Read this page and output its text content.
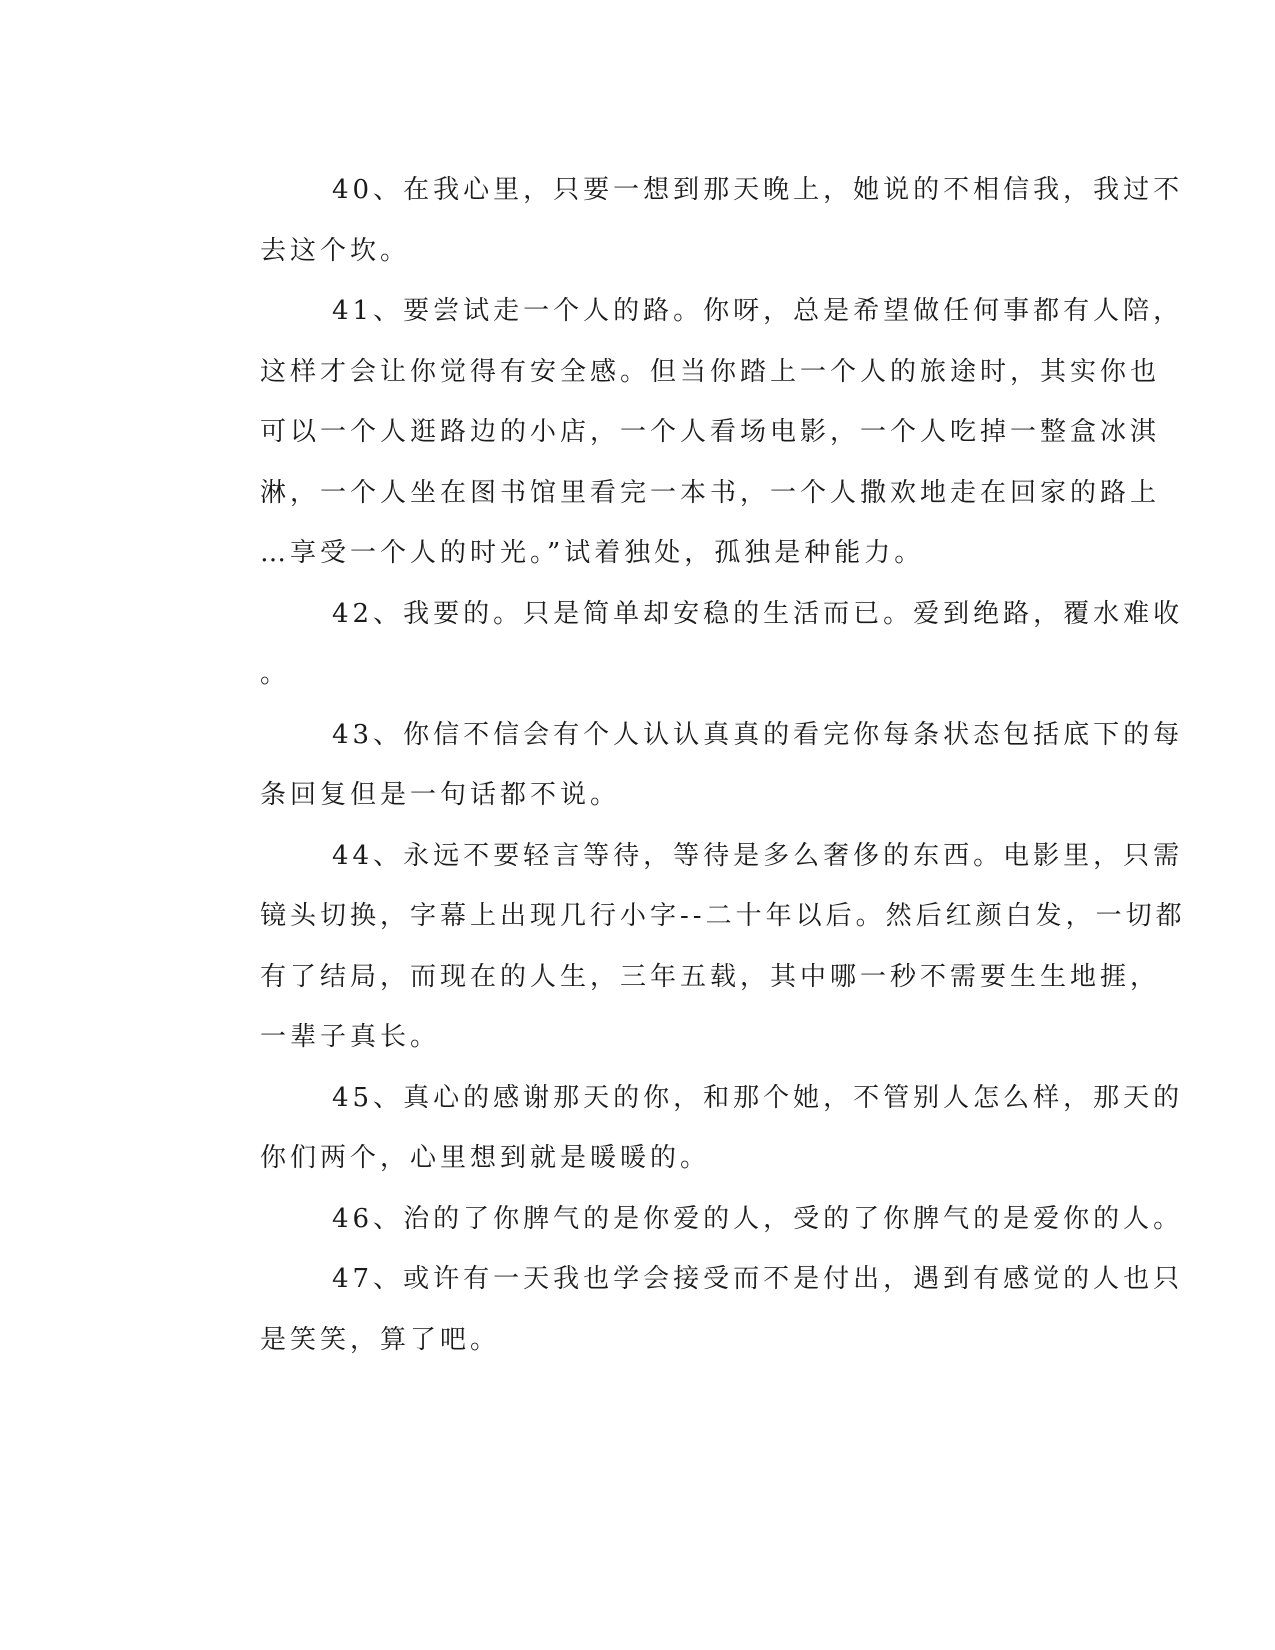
40、在我心里，只要一想到那天晚上，她说的不相信我，我过不
去这个坎。
41、要尝试走一个人的路。你呀，总是希望做任何事都有人陪，
这样才会让你觉得有安全感。但当你踏上一个人的旅途时，其实你也
可以一个人逛路边的小店，一个人看场电影，一个人吃掉一整盒冰淇
淋，一个人坐在图书馆里看完一本书，一个人撒欢地走在回家的路上
…享受一个人的时光。”试着独处，孤独是种能力。
42、我要的。只是简单却安稳的生活而已。爱到绝路，覆水难收
。
43、你信不信会有个人认认真真的看完你每条状态包括底下的每
条回复但是一句话都不说。
44、永远不要轻言等待，等待是多么奢侈的东西。电影里，只需
镜头切换，字幕上出现几行小字--二十年以后。然后红颜白发，一切都
有了结局，而现在的人生，三年五载，其中哪一秒不需要生生地捱，
一辈子真长。
45、真心的感谢那天的你，和那个她，不管别人怎么样，那天的
你们两个，心里想到就是暖暖的。
46、治的了你脾气的是你爱的人，受的了你脾气的是爱你的人。
47、或许有一天我也学会接受而不是付出，遇到有感觉的人也只
是笑笑，算了吧。
